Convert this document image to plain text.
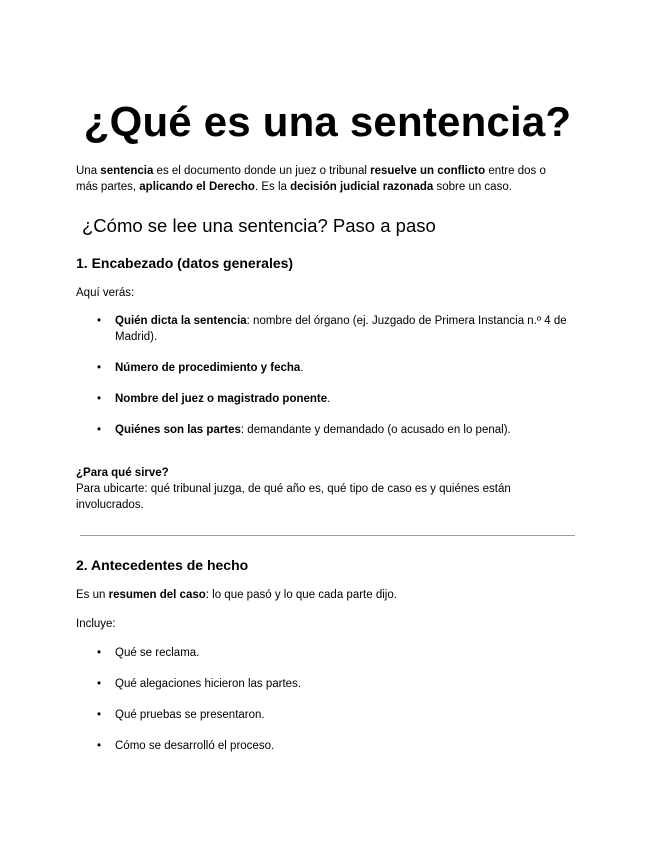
¿Qué es una sentencia?

Una sentencia es el documento donde un juez o tribunal resuelve un conflicto entre dos o más partes, aplicando el Derecho. Es la decisión judicial razonada sobre un caso.

¿Cómo se lee una sentencia? Paso a paso
1. Encabezado (datos generales)

Aquí verás:

• Quién dicta la sentencia: nombre del órgano (ej. Juzgado de Primera Instancia n.º 4 de Madrid).

• Número de procedimiento y fecha.

• Nombre del juez o magistrado ponente.

• Quiénes son las partes: demandante y demandado (o acusado en lo penal).

¿Para qué sirve?

Para ubicarte: qué tribunal juzga, de qué año es, qué tipo de caso es y quiénes están involucrados.

2. Antecedentes de hecho

Es un resumen del caso: lo que pasó y lo que cada parte dijo.

Incluye:

• Qué se reclama.

• Qué alegaciones hicieron las partes.

• Qué pruebas se presentaron.

• Cómo se desarrolló el proceso.
